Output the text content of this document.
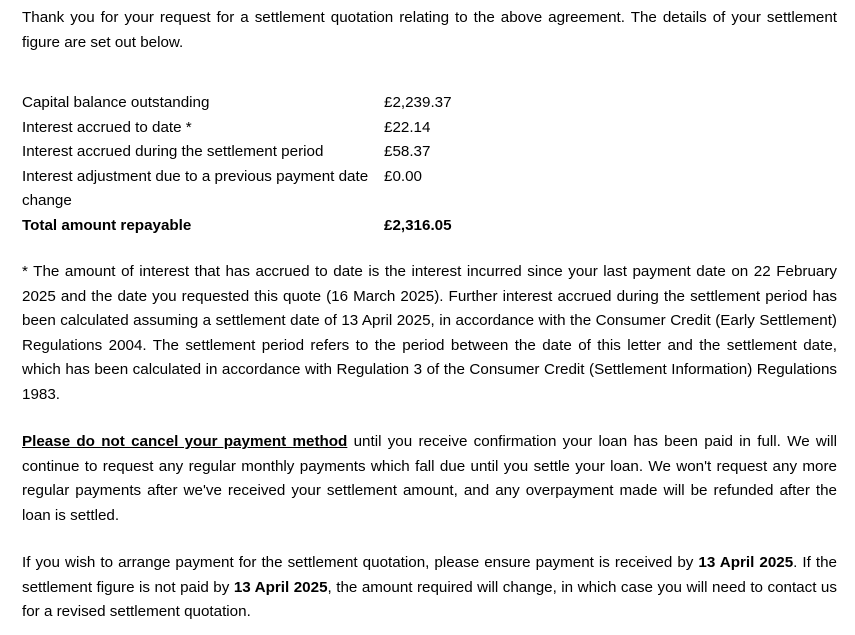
Thank you for your request for a settlement quotation relating to the above agreement. The details of your settlement figure are set out below.

Capital balance outstanding	£2,239.37
Interest accrued to date *	£22.14
Interest accrued during the settlement period	£58.37
Interest adjustment due to a previous payment date change	£0.00
Total amount repayable	£2,316.05

* The amount of interest that has accrued to date is the interest incurred since your last payment date on 22 February 2025 and the date you requested this quote (16 March 2025). Further interest accrued during the settlement period has been calculated assuming a settlement date of 13 April 2025, in accordance with the Consumer Credit (Early Settlement) Regulations 2004. The settlement period refers to the period between the date of this letter and the settlement date, which has been calculated in accordance with Regulation 3 of the Consumer Credit (Settlement Information) Regulations 1983.

Please do not cancel your payment method until you receive confirmation your loan has been paid in full. We will continue to request any regular monthly payments which fall due until you settle your loan. We won't request any more regular payments after we've received your settlement amount, and any overpayment made will be refunded after the loan is settled.

If you wish to arrange payment for the settlement quotation, please ensure payment is received by 13 April 2025. If the settlement figure is not paid by 13 April 2025, the amount required will change, in which case you will need to contact us for a revised settlement quotation.
